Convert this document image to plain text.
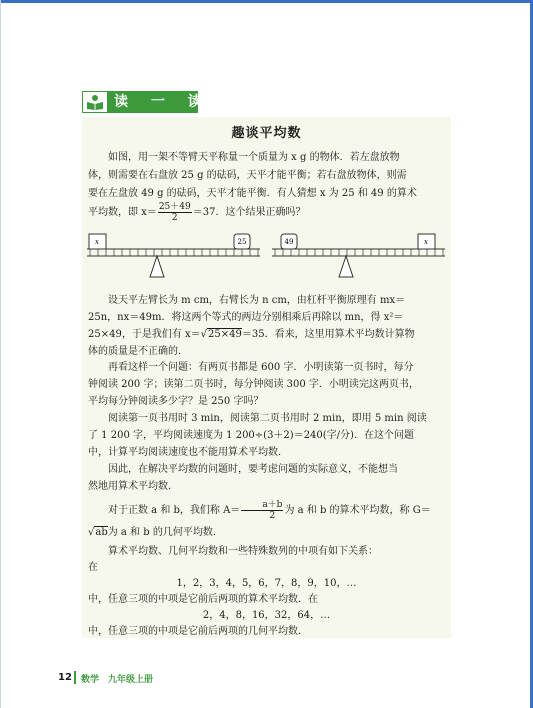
读 一 读
趣谈平均数
如图，用一架不等臂天平称量一个质量为 x g 的物体．若左盘放物
体，则需要在右盘放 25 g 的砝码，天平才能平衡；若右盘放物体，则需
要在左盘放 49 g 的砝码，天平才能平衡．有人猜想 x 为 25 和 49 的算术
平均数，即 $x= \frac{25+49}{2} =37$．这个结果正确吗？
x	25	49	x
设天平左臂长为 m cm，右臂长为 n cm，由杠杆平衡原理有 mx＝
25n，nx＝49m．将这两个等式的两边分别相乘后再除以 mn，得 x²＝
25×49，于是我们有 x＝√25×49＝35．看来，这里用算术平均数计算物
体的质量是不正确的．
再看这样一个问题：有两页书都是 600 字．小明读第一页书时，每分
钟阅读 200 字；读第二页书时，每分钟阅读 300 字．小明读完这两页书，
平均每分钟阅读多少字？是 250 字吗？
阅读第一页书用时 3 min，阅读第二页书用时 2 min，即用 5 min 阅读
了 1 200 字，平均阅读速度为 1 200÷(3＋2)＝240(字/分)．在这个问题
中，计算平均阅读速度也不能用算术平均数．
因此，在解决平均数的问题时，要考虑问题的实际意义，不能想当
然地用算术平均数．
对于正数 a 和 b，我们称 $A= \frac{a+b}{2}$ 为 a 和 b 的算术平均数，称 G＝
√ab为 a 和 b 的几何平均数．
算术平均数、几何平均数和一些特殊数列的中项有如下关系：
在
1，2，3，4，5，6，7，8，9，10，…
中，任意三项的中项是它前后两项的算术平均数．在
2，4，8，16，32，64，…
中，任意三项的中项是它前后两项的几何平均数．
12 数学　九年级上册
